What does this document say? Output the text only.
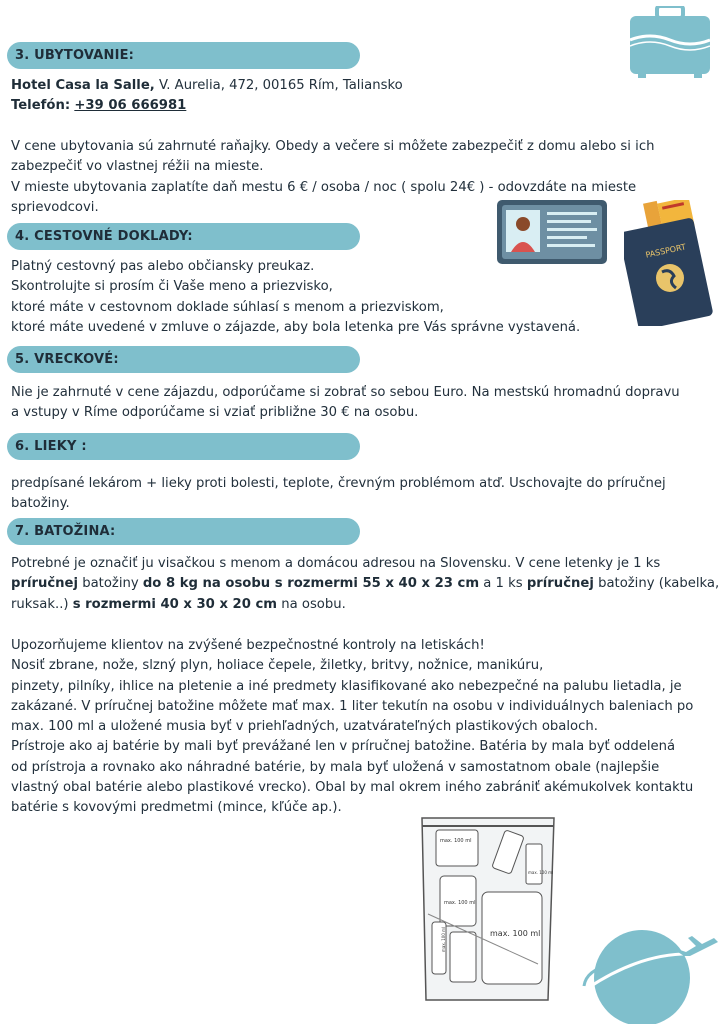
3. UBYTOVANIE:
Hotel Casa la Salle, V. Aurelia, 472, 00165 Rím, Taliansko
Telefón: +39 06 666981
V cene ubytovania sú zahrnuté raňajky. Obedy a večere si môžete zabezpečiť z domu alebo si ich
zabezpečiť vo vlastnej réžii na mieste.
V mieste ubytovania zaplatíte daň mestu 6 € / osoba / noc ( spolu 24€ ) - odovzdáte na mieste
sprievodcovi.
PASSPORT
4. CESTOVNÉ DOKLADY:
Platný cestovný pas alebo občiansky preukaz.
Skontrolujte si prosím či Vaše meno a priezvisko,
ktoré máte v cestovnom doklade súhlasí s menom a priezviskom,
ktoré máte uvedené v zmluve o zájazde, aby bola letenka pre Vás správne vystavená.
5. VRECKOVÉ:
Nie je zahrnuté v cene zájazdu, odporúčame si zobrať so sebou Euro. Na mestskú hromadnú dopravu
a vstupy v Ríme odporúčame si vziať približne 30 € na osobu.
6. LIEKY :
predpísané lekárom + lieky proti bolesti, teplote, črevným problémom atď. Uschovajte do príručnej
batožiny.
7. BATOŽINA:
Potrebné je označiť ju visačkou s menom a domácou adresou na Slovensku. V cene letenky je 1 ks
príručnej batožiny do 8 kg na osobu s rozmermi 55 x 40 x 23 cm a 1 ks príručnej batožiny (kabelka,
ruksak..) s rozmermi 40 x 30 x 20 cm na osobu.
Upozorňujeme klientov na zvýšené bezpečnostné kontroly na letiskách!
Nosiť zbrane, nože, slzný plyn, holiace čepele, žiletky, britvy, nožnice, manikúru,
pinzety, pilníky, ihlice na pletenie a iné predmety klasifikované ako nebezpečné na palubu lietadla, je
zakázané. V príručnej batožine môžete mať max. 1 liter tekutín na osobu v individuálnych baleniach po
max. 100 ml a uložené musia byť v priehľadných, uzatvárateľných plastikových obaloch.
Prístroje ako aj batérie by mali byť prevážané len v príručnej batožine. Batéria by mala byť oddelená
od prístroja a rovnako ako náhradné batérie, by mala byť uložená v samostatnom obale (najlepšie
vlastný obal batérie alebo plastikové vrecko). Obal by mal okrem iného zabrániť akémukolvek kontaktu
batérie s kovovými predmetmi (mince, kľúče ap.).
max. 100 ml
max. 100 ml
max. 100 ml
max. 100 ml
max. 100 ml
